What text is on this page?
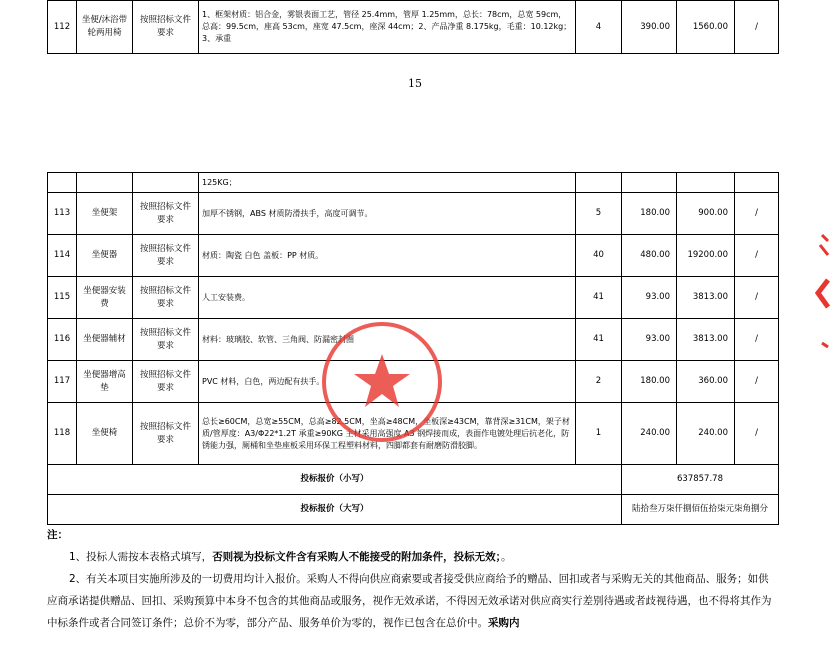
112	坐便/沐浴带轮两用椅	按照招标文件要求	1、框架材质：铝合金，雾银表面工艺，管径 25.4mm，管厚 1.25mm，总长：78cm，总宽 59cm，总高：99.5cm，座高 53cm，座宽 47.5cm，座深 44cm；2、产品净重 8.175kg，毛重：10.12kg； 3、承重	4	390.00	1560.00	/
15
			125KG；				
113	坐便架	按照招标文件要求	加厚不锈钢，ABS 材质防滑扶手，高度可调节。	5	180.00	900.00	/
114	坐便器	按照招标文件要求	材质：陶瓷 白色 盖板：PP 材质。	40	480.00	19200.00	/
115	坐便器安装费	按照招标文件要求	人工安装费。	41	93.00	3813.00	/
116	坐便器辅材	按照招标文件要求	材料：玻璃胶、软管、三角阀、防漏密封圈	41	93.00	3813.00	/
117	坐便器增高垫	按照招标文件要求	PVC 材料，白色，两边配有扶手。	2	180.00	360.00	/
118	坐便椅	按照招标文件要求	总长≥60CM，总宽≥55CM，总高≥82.5CM，坐高≥48CM，坐板深≥43CM，靠背深≥31CM，架子材质/管厚度：A3/Φ22*1.2T 承重≥90KG 主材采用高强度 A3 钢焊接而成，表面作电镀处理后抗老化，防锈能力强，厕桶和坐垫座板采用环保工程塑料材料，四脚都套有耐磨防滑胶脚。	1	240.00	240.00	/
投标报价（小写）					637857.78		
投标报价（大写）					陆拾叁万柒仟捌佰伍拾柒元柒角捌分		

注：

1、投标人需按本表格式填写，否则视为投标文件含有采购人不能接受的附加条件，投标无效；。

2、有关本项目实施所涉及的一切费用均计入报价。采购人不得向供应商索要或者接受供应商给予的赠品、回扣或者与采购无关的其他商品、服务；如供应商承诺提供赠品、回扣、采购预算中本身不包含的其他商品或服务，视作无效承诺，不得因无效承诺对供应商实行差别待遇或者歧视待遇，也不得将其作为中标条件或者合同签订条件；总价不为零，部分产品、服务单价为零的，视作已包含在总价中。采购内
